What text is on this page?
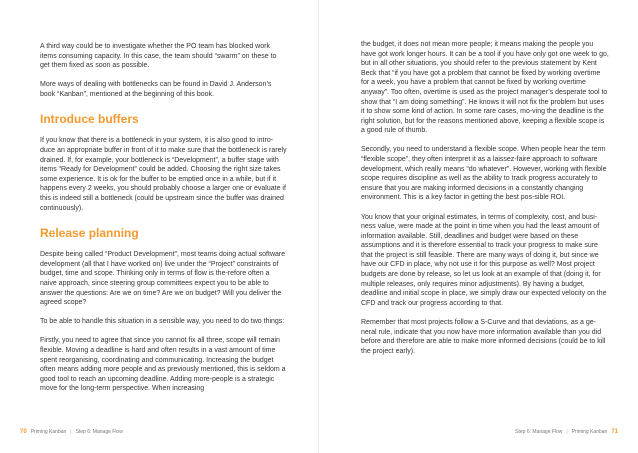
A third way could be to investigate whether the PO team has blocked work items consuming capacity. In this case, the team should “swarm” on these to get them fixed as soon as possible.

More ways of dealing with bottlenecks can be found in David J. Anderson’s book “Kanban”, mentioned at the beginning of this book.

Introduce buffers

If you know that there is a bottleneck in your system, it is also good to intro-duce an appropriate buffer in front of it to make sure that the bottleneck is rarely drained. If, for example, your bottleneck is “Development”, a buffer stage with items “Ready for Development” could be added. Choosing the right size takes some experience. It is ok for the buffer to be emptied once in a while, but if it happens every 2 weeks, you should probably choose a larger one or evaluate if this is indeed still a bottleneck (could be upstream since the buffer was drained continuously).

Release planning

Despite being called “Product Development”, most teams doing actual software development (all that I have worked on) live under the “Project” constraints of budget, time and scope. Thinking only in terms of flow is the-refore often a naive approach, since steering group committees expect you to be able to answer the questions: Are we on time? Are we on budget? Will you deliver the agreed scope?

To be able to handle this situation in a sensible way, you need to do two things:

Firstly, you need to agree that since you cannot fix all three, scope will remain flexible. Moving a deadline is hard and often results in a vast amount of time spent reorganising, coordinating and communicating. Increasing the budget often means adding more people and as previously mentioned, this is seldom a good tool to reach an upcoming deadline. Adding more-people is a strategic move for the long-term perspective. When increasing

70 Priming Kanban | Step 6: Manage Flow

the budget, it does not mean more people; it means making the people you have got work longer hours. It can be a tool if you have only got one week to go, but in all other situations, you should refer to the previous statement by Kent Beck that “if you have got a problem that cannot be fixed by working overtime for a week, you have a problem that cannot be fixed by working overtime anyway”. Too often, overtime is used as the project manager’s desperate tool to show that “I am doing something”. He knows it will not fix the problem but uses it to show some kind of action. In some rare cases, mo-ving the deadline is the right solution, but for the reasons mentioned above, keeping a flexible scope is a good rule of thumb.

Secondly, you need to understand a flexible scope. When people hear the term “flexible scope”, they often interpret it as a laissez-faire approach to software development, which really means “do whatever”. However, working with flexible scope requires discipline as well as the ability to track progress accurately to ensure that you are making informed decisions in a constantly changing environment. This is a key factor in getting the best pos-sible ROI.

You know that your original estimates, in terms of complexity, cost, and busi-ness value, were made at the point in time when you had the least amount of information available. Still, deadlines and budget were based on these assumptions and it is therefore essential to track your progress to make sure that the project is still feasible. There are many ways of doing it, but since we have our CFD in place, why not use it for this purpose as well? Most project budgets are done by release, so let us look at an example of that (doing it, for multiple releases, only requires minor adjustments). By having a budget, deadline and initial scope in place, we simply draw our expected velocity on the CFD and track our progress according to that.

Remember that most projects follow a S-Curve and that deviations, as a ge-neral rule, indicate that you now have more information available than you did before and therefore are able to make more informed decisions (could be to kill the project early).

Step 6: Manage Flow | Priming Kanban 71
